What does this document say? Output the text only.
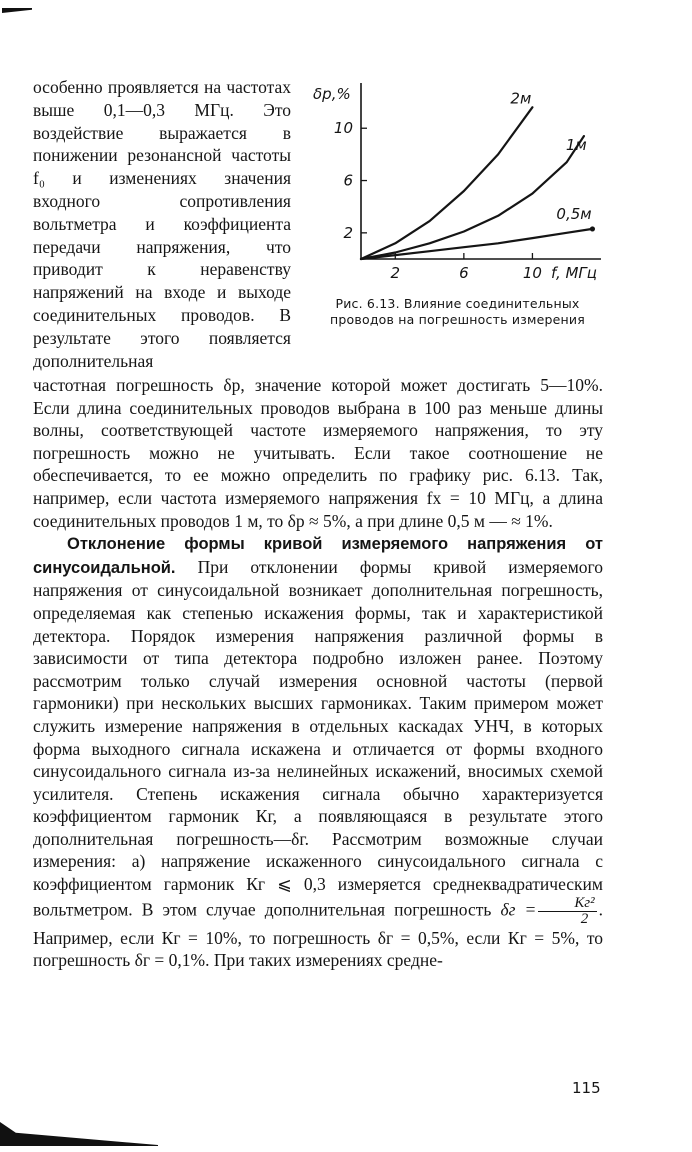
особенно проявляется на частотах выше 0,1—0,3 МГц. Это воздействие выражается в понижении резонансной частоты f₀ и изменениях значения входного сопротивления вольтметра и коэффициента передачи напряжения, что приводит к неравенству напряжений на входе и выходе соединительных проводов. В результате этого появляется дополнительная
2
6
10
2	6	10
δр,%
f, МГц
2м
1м
0,5м
Рис. 6.13. Влияние соединительных проводов на погрешность измерения

частотная погрешность δр, значение которой может достигать 5—10%. Если длина соединительных проводов выбрана в 100 раз меньше длины волны, соответствующей частоте измеряемого напряжения, то эту погрешность можно не учитывать. Если такое соотношение не обеспечивается, то ее можно определить по графику рис. 6.13. Так, например, если частота измеряемого напряжения fx = 10 МГц, а длина соединительных проводов 1 м, то δр ≈ 5%, а при длине 0,5 м — ≈ 1%.

Отклонение формы кривой измеряемого напряжения от синусоидальной. При отклонении формы кривой измеряемого напряжения от синусоидальной возникает дополнительная погрешность, определяемая как степенью искажения формы, так и характеристикой детектора. Порядок измерения напряжения различной формы в зависимости от типа детектора подробно изложен ранее. Поэтому рассмотрим только случай измерения основной частоты (первой гармоники) при нескольких высших гармониках. Таким примером может служить измерение напряжения в отдельных каскадах УНЧ, в которых форма выходного сигнала искажена и отличается от формы входного синусоидального сигнала из-за нелинейных искажений, вносимых схемой усилителя. Степень искажения сигнала обычно характеризуется коэффициентом гармоник Кг, а появляющаяся в результате этого дополнительная погрешность—δг. Рассмотрим возможные случаи измерения: а) напряжение искаженного синусоидального сигнала с коэффициентом гармоник Кг ⩽ 0,3 измеряется среднеквадратическим вольтметром. В этом случае дополнительная погрешность $\delta г = \frac{\text{Кг²}}{2}$ . Например, если Кг = 10%, то погрешность δг = 0,5%, если Кг = 5%, то погрешность δг = 0,1%. При таких измерениях средне-

115
